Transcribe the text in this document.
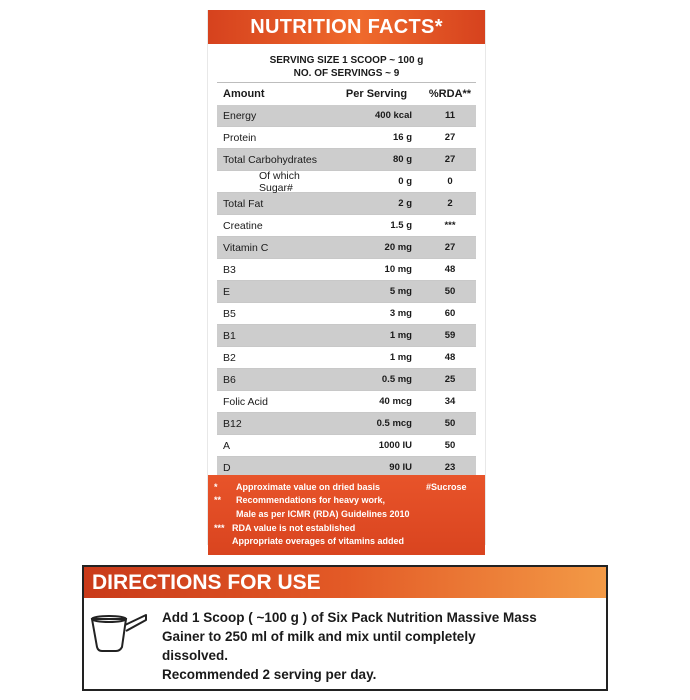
NUTRITION FACTS*
SERVING SIZE 1 SCOOP ~ 100 g
NO. OF SERVINGS ~ 9
Amount	Per Serving	%RDA**
Energy	400 kcal	11
Protein	16 g	27
Total Carbohydrates	80 g	27
Of which Sugar#	0 g	0
Total Fat	2 g	2
Creatine	1.5 g	***
Vitamin C	20 mg	27
B3	10 mg	48
E	5 mg	50
B5	3 mg	60
B1	1 mg	59
B2	1 mg	48
B6	0.5 mg	25
Folic Acid	40 mcg	34
B12	0.5 mcg	50
A	1000 IU	50
D	90 IU	23
* Approximate value on dried basis	#Sucrose
** Recommendations for heavy work,
Male as per ICMR (RDA) Guidelines 2010
*** RDA value is not established
Appropriate overages of vitamins added
DIRECTIONS FOR USE
Add 1 Scoop ( ~100 g ) of Six Pack Nutrition Massive Mass
Gainer to 250 ml of milk and mix until completely
dissolved.
Recommended 2 serving per day.
